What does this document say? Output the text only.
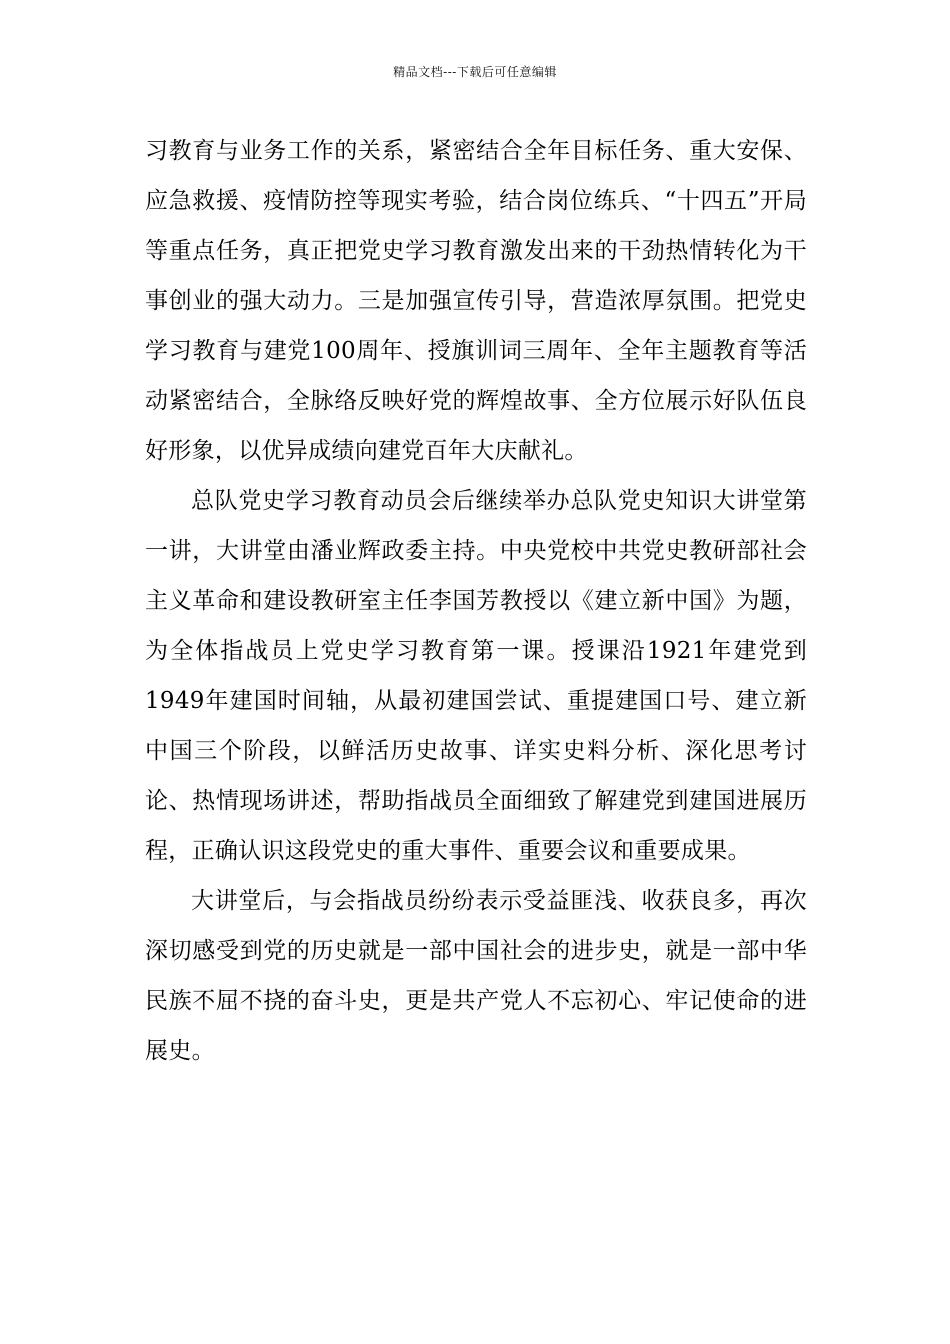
精品文档---下载后可任意编辑

习教育与业务工作的关系，紧密结合全年目标任务、重大安保、应急救援、疫情防控等现实考验，结合岗位练兵、“十四五”开局等重点任务，真正把党史学习教育激发出来的干劲热情转化为干事创业的强大动力。三是加强宣传引导，营造浓厚氛围。把党史学习教育与建党100周年、授旗训词三周年、全年主题教育等活动紧密结合，全脉络反映好党的辉煌故事、全方位展示好队伍良好形象，以优异成绩向建党百年大庆献礼。

总队党史学习教育动员会后继续举办总队党史知识大讲堂第一讲，大讲堂由潘业辉政委主持。中央党校中共党史教研部社会主义革命和建设教研室主任李国芳教授以《建立新中国》为题，为全体指战员上党史学习教育第一课。授课沿1921年建党到1949年建国时间轴，从最初建国尝试、重提建国口号、建立新中国三个阶段，以鲜活历史故事、详实史料分析、深化思考讨论、热情现场讲述，帮助指战员全面细致了解建党到建国进展历程，正确认识这段党史的重大事件、重要会议和重要成果。

大讲堂后，与会指战员纷纷表示受益匪浅、收获良多，再次深切感受到党的历史就是一部中国社会的进步史，就是一部中华民族不屈不挠的奋斗史，更是共产党人不忘初心、牢记使命的进展史。
